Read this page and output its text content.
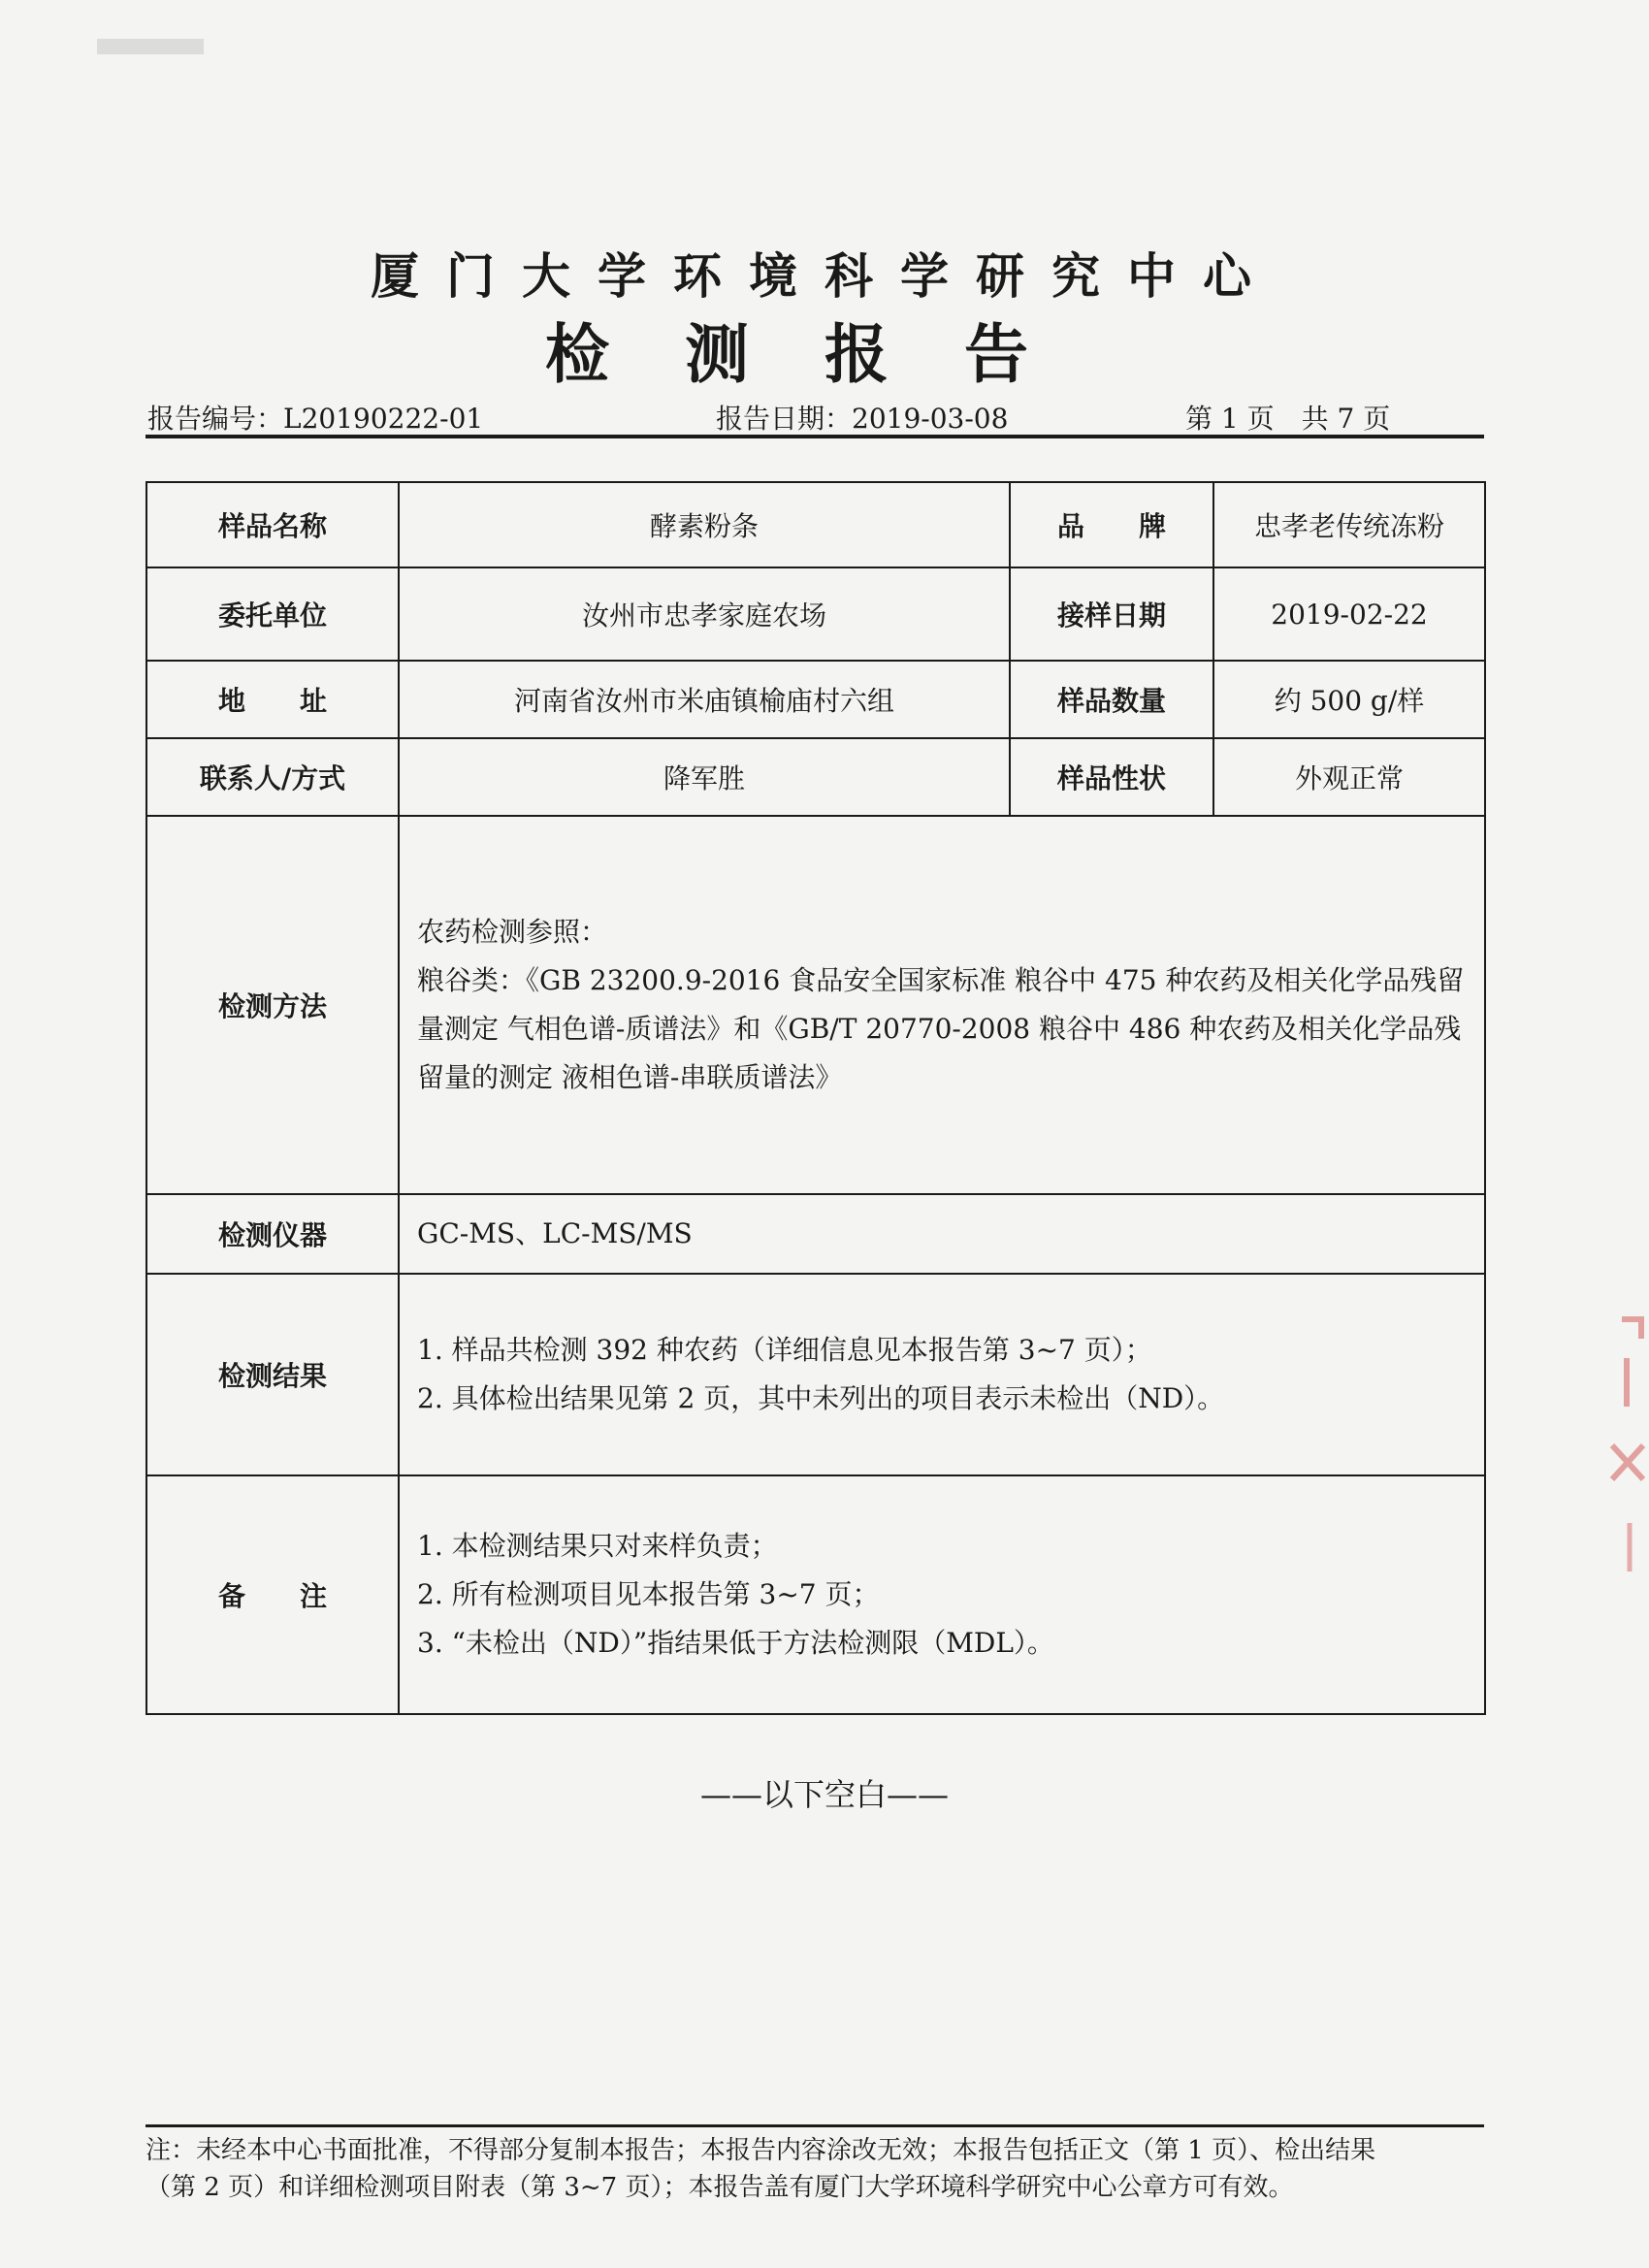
厦门大学环境科学研究中心
检测报告
报告编号：L20190222-01	报告日期：2019-03-08	第 1 页　共 7 页
样品名称	酵素粉条	品　　牌	忠孝老传统冻粉
委托单位	汝州市忠孝家庭农场	接样日期	2019-02-22
地　　址	河南省汝州市米庙镇榆庙村六组	样品数量	约 500 g/样
联系人/方式	降军胜	样品性状	外观正常
检测方法	农药检测参照：
粮谷类：《GB 23200.9-2016 食品安全国家标准 粮谷中 475 种农药及相关化学品残留
量测定 气相色谱-质谱法》和《GB/T 20770-2008 粮谷中 486 种农药及相关化学品残
留量的测定 液相色谱-串联质谱法》		

检测仪器	GC-MS、LC-MS/MS		
检测结果	1. 样品共检测 392 种农药（详细信息见本报告第 3~7 页）；
2. 具体检出结果见第 2 页，其中未列出的项目表示未检出（ND）。		

备　　注	1. 本检测结果只对来样负责；
2. 所有检测项目见本报告第 3~7 页；
3. “未检出（ND）”指结果低于方法检测限（MDL）。		
——以下空白——
注：未经本中心书面批准，不得部分复制本报告；本报告内容涂改无效；本报告包括正文（第 1 页）、检出结果
（第 2 页）和详细检测项目附表（第 3~7 页）；本报告盖有厦门大学环境科学研究中心公章方可有效。
